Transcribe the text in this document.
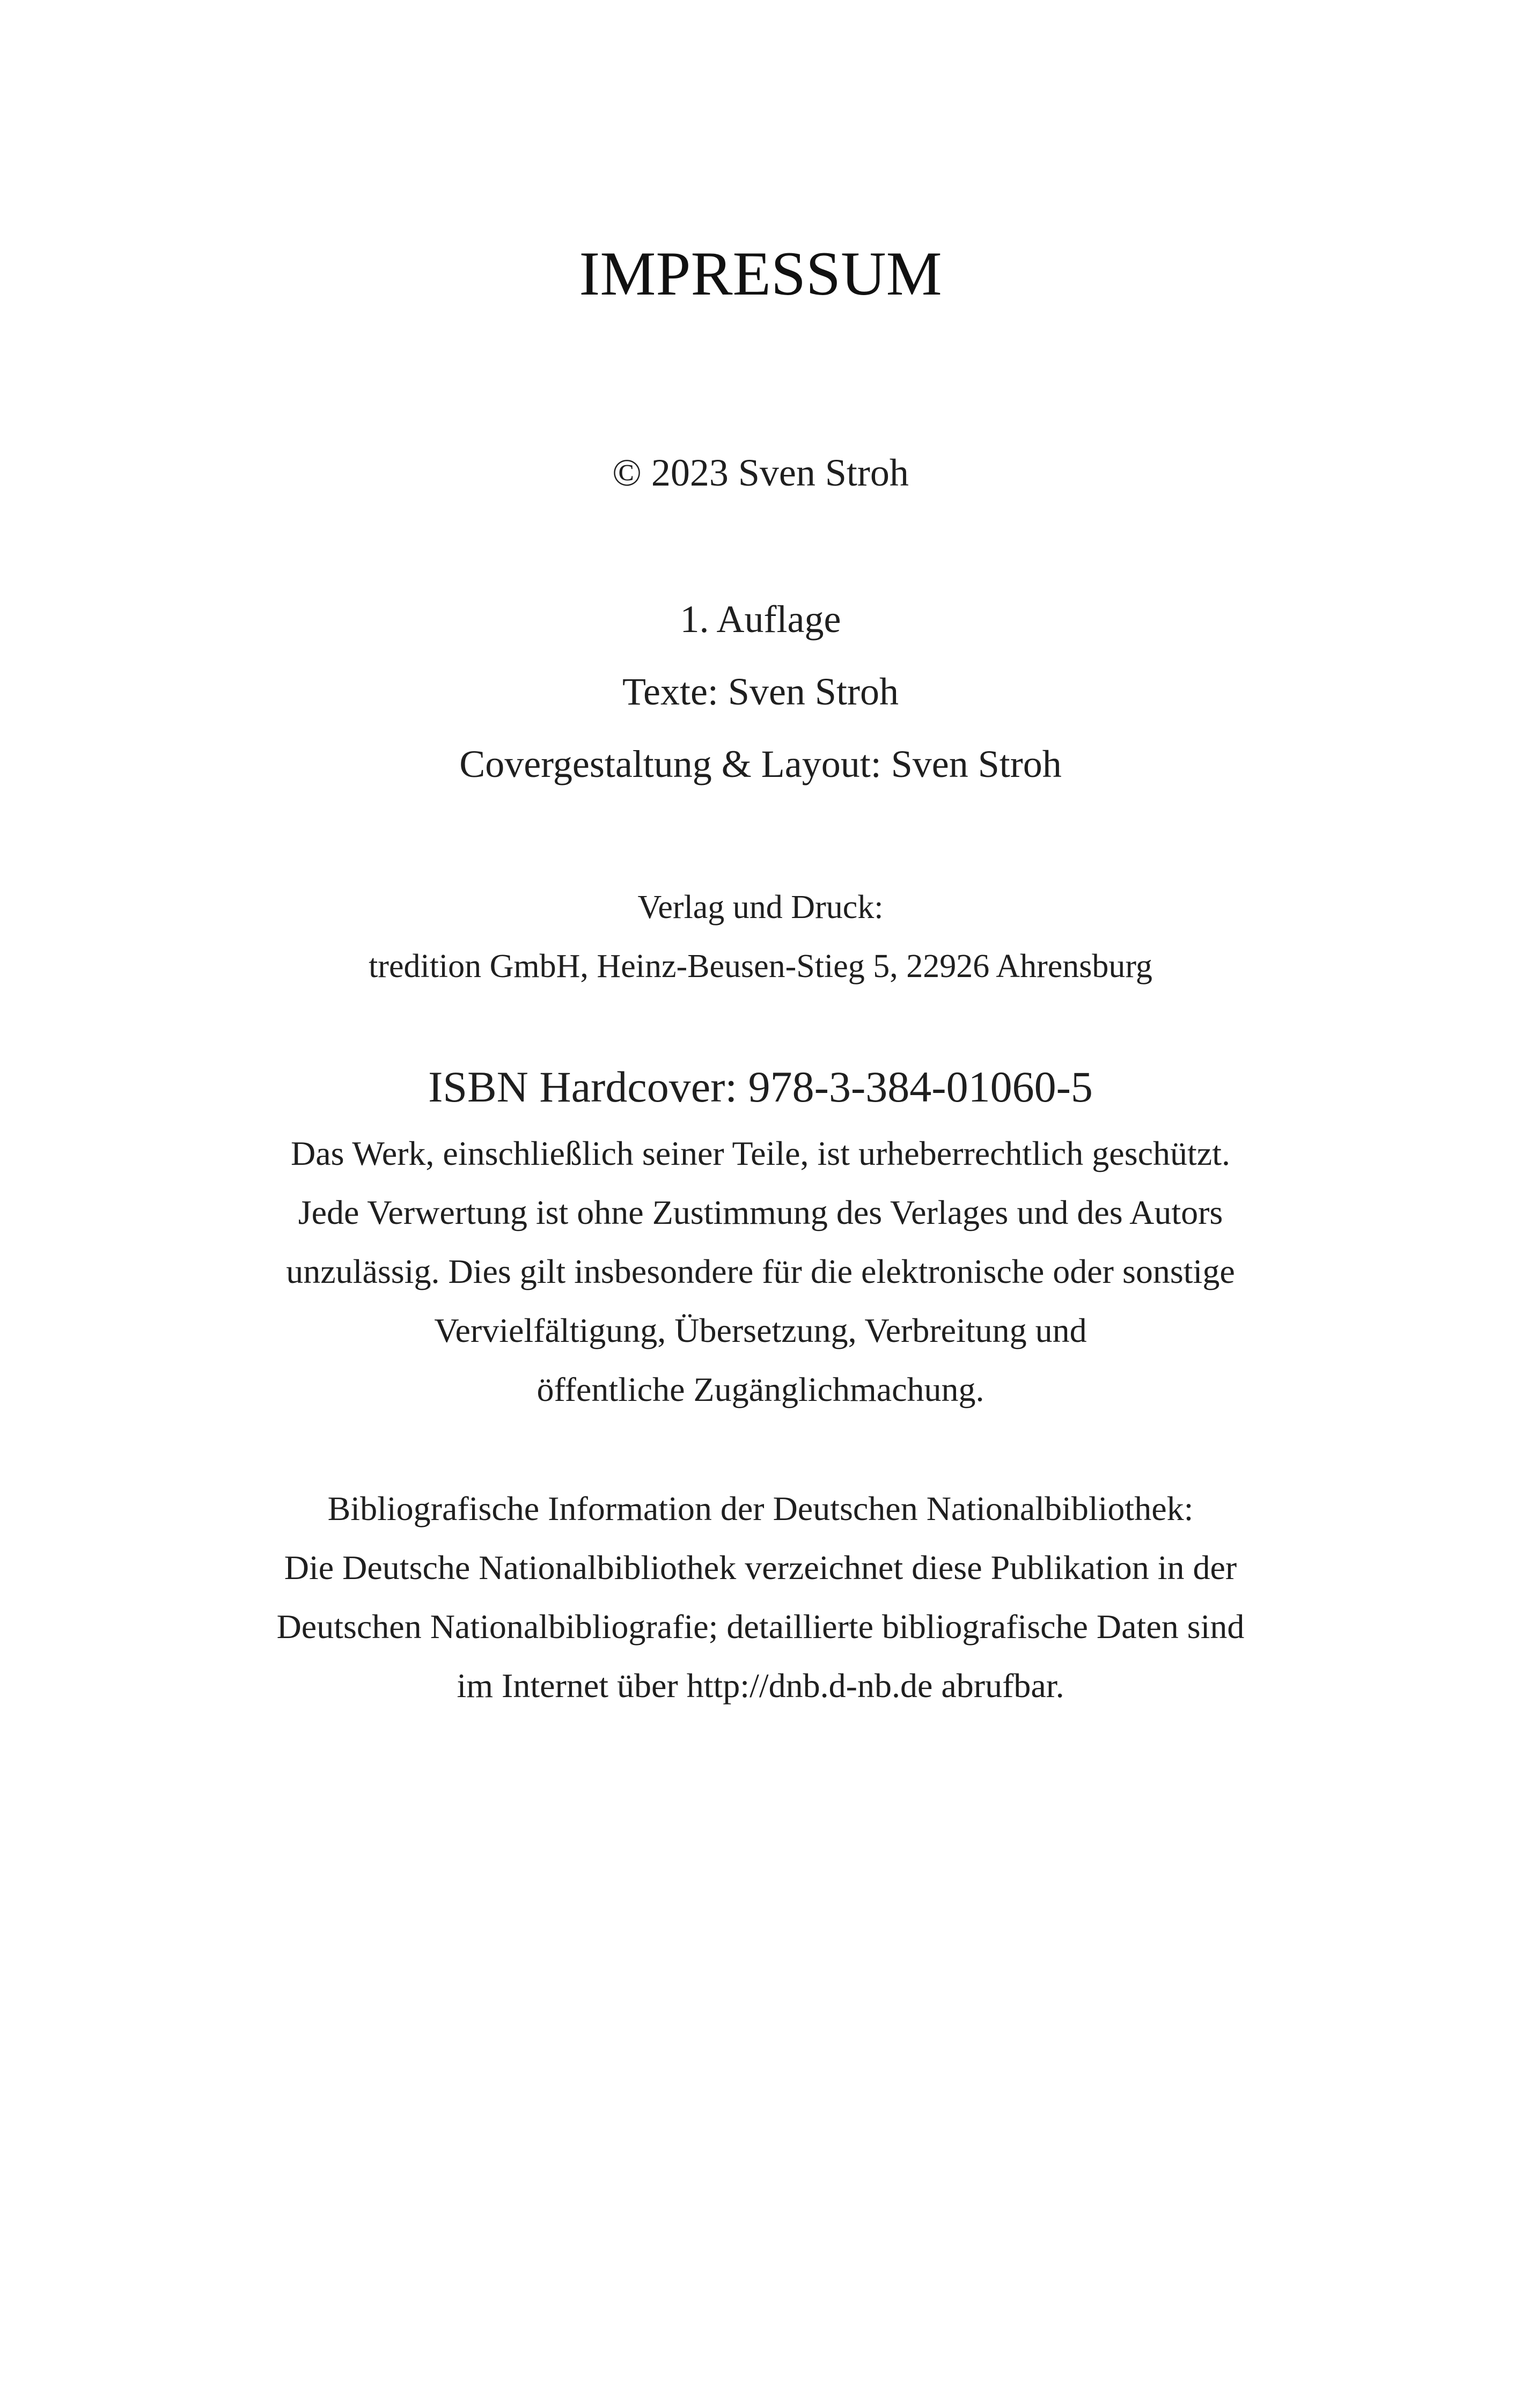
IMPRESSUM
© 2023 Sven Stroh
1. Auflage
Texte: Sven Stroh
Covergestaltung & Layout: Sven Stroh
Verlag und Druck:
tredition GmbH, Heinz-Beusen-Stieg 5, 22926 Ahrensburg
ISBN Hardcover: 978-3-384-01060-5
Das Werk, einschließlich seiner Teile, ist urheberrechtlich geschützt.
Jede Verwertung ist ohne Zustimmung des Verlages und des Autors
unzulässig. Dies gilt insbesondere für die elektronische oder sonstige
Vervielfältigung, Übersetzung, Verbreitung und
öffentliche Zugänglichmachung.
Bibliografische Information der Deutschen Nationalbibliothek:
Die Deutsche Nationalbibliothek verzeichnet diese Publikation in der
Deutschen Nationalbibliografie; detaillierte bibliografische Daten sind
im Internet über http://dnb.d-nb.de abrufbar.
